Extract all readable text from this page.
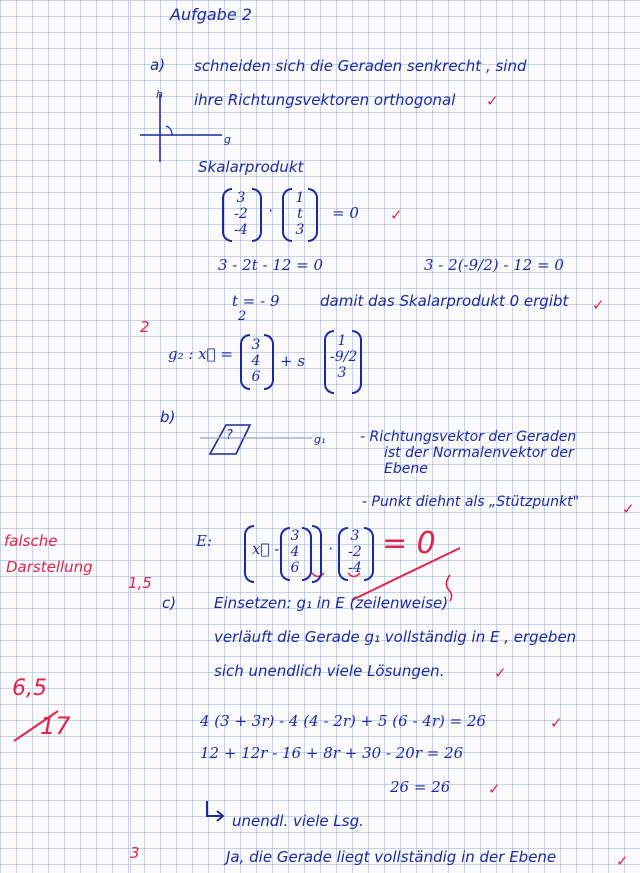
Aufgabe 2
a) schneiden sich die Geraden senkrecht , sind
ihre Richtungsvektoren orthogonal ✓
h
g
Skalarprodukt
3
-2
-4
·
1
t
3
= 0 ✓
3 - 2t - 12 = 0	3 - 2(-9/2) - 12 = 0
t = - 9
2
damit das Skalarprodukt 0 ergibt ✓
2
g₂ : x⃗ =	3
4
6
+ s
1
-9/2
3
b)
?	g₁ - Richtungsvektor der Geraden
ist der Normalenvektor der
Ebene
- Punkt diehnt als „Stützpunkt"	✓
falsche
Darstellung
1,5
E:	x⃗ -
3
4
6
·
3
-2
-4
= 0
c)	Einsetzen: g₁ in E (zeilenweise)
verläuft die Gerade g₁ vollständig in E , ergeben
sich unendlich viele Lösungen.	✓
6,5
17	4 (3 + 3r) - 4 (4 - 2r) + 5 (6 - 4r) = 26	✓
12 + 12r - 16 + 8r + 30 - 20r = 26
26 = 26	✓
unendl. viele Lsg.
Ja, die Gerade liegt vollständig in der Ebene
3	✓
